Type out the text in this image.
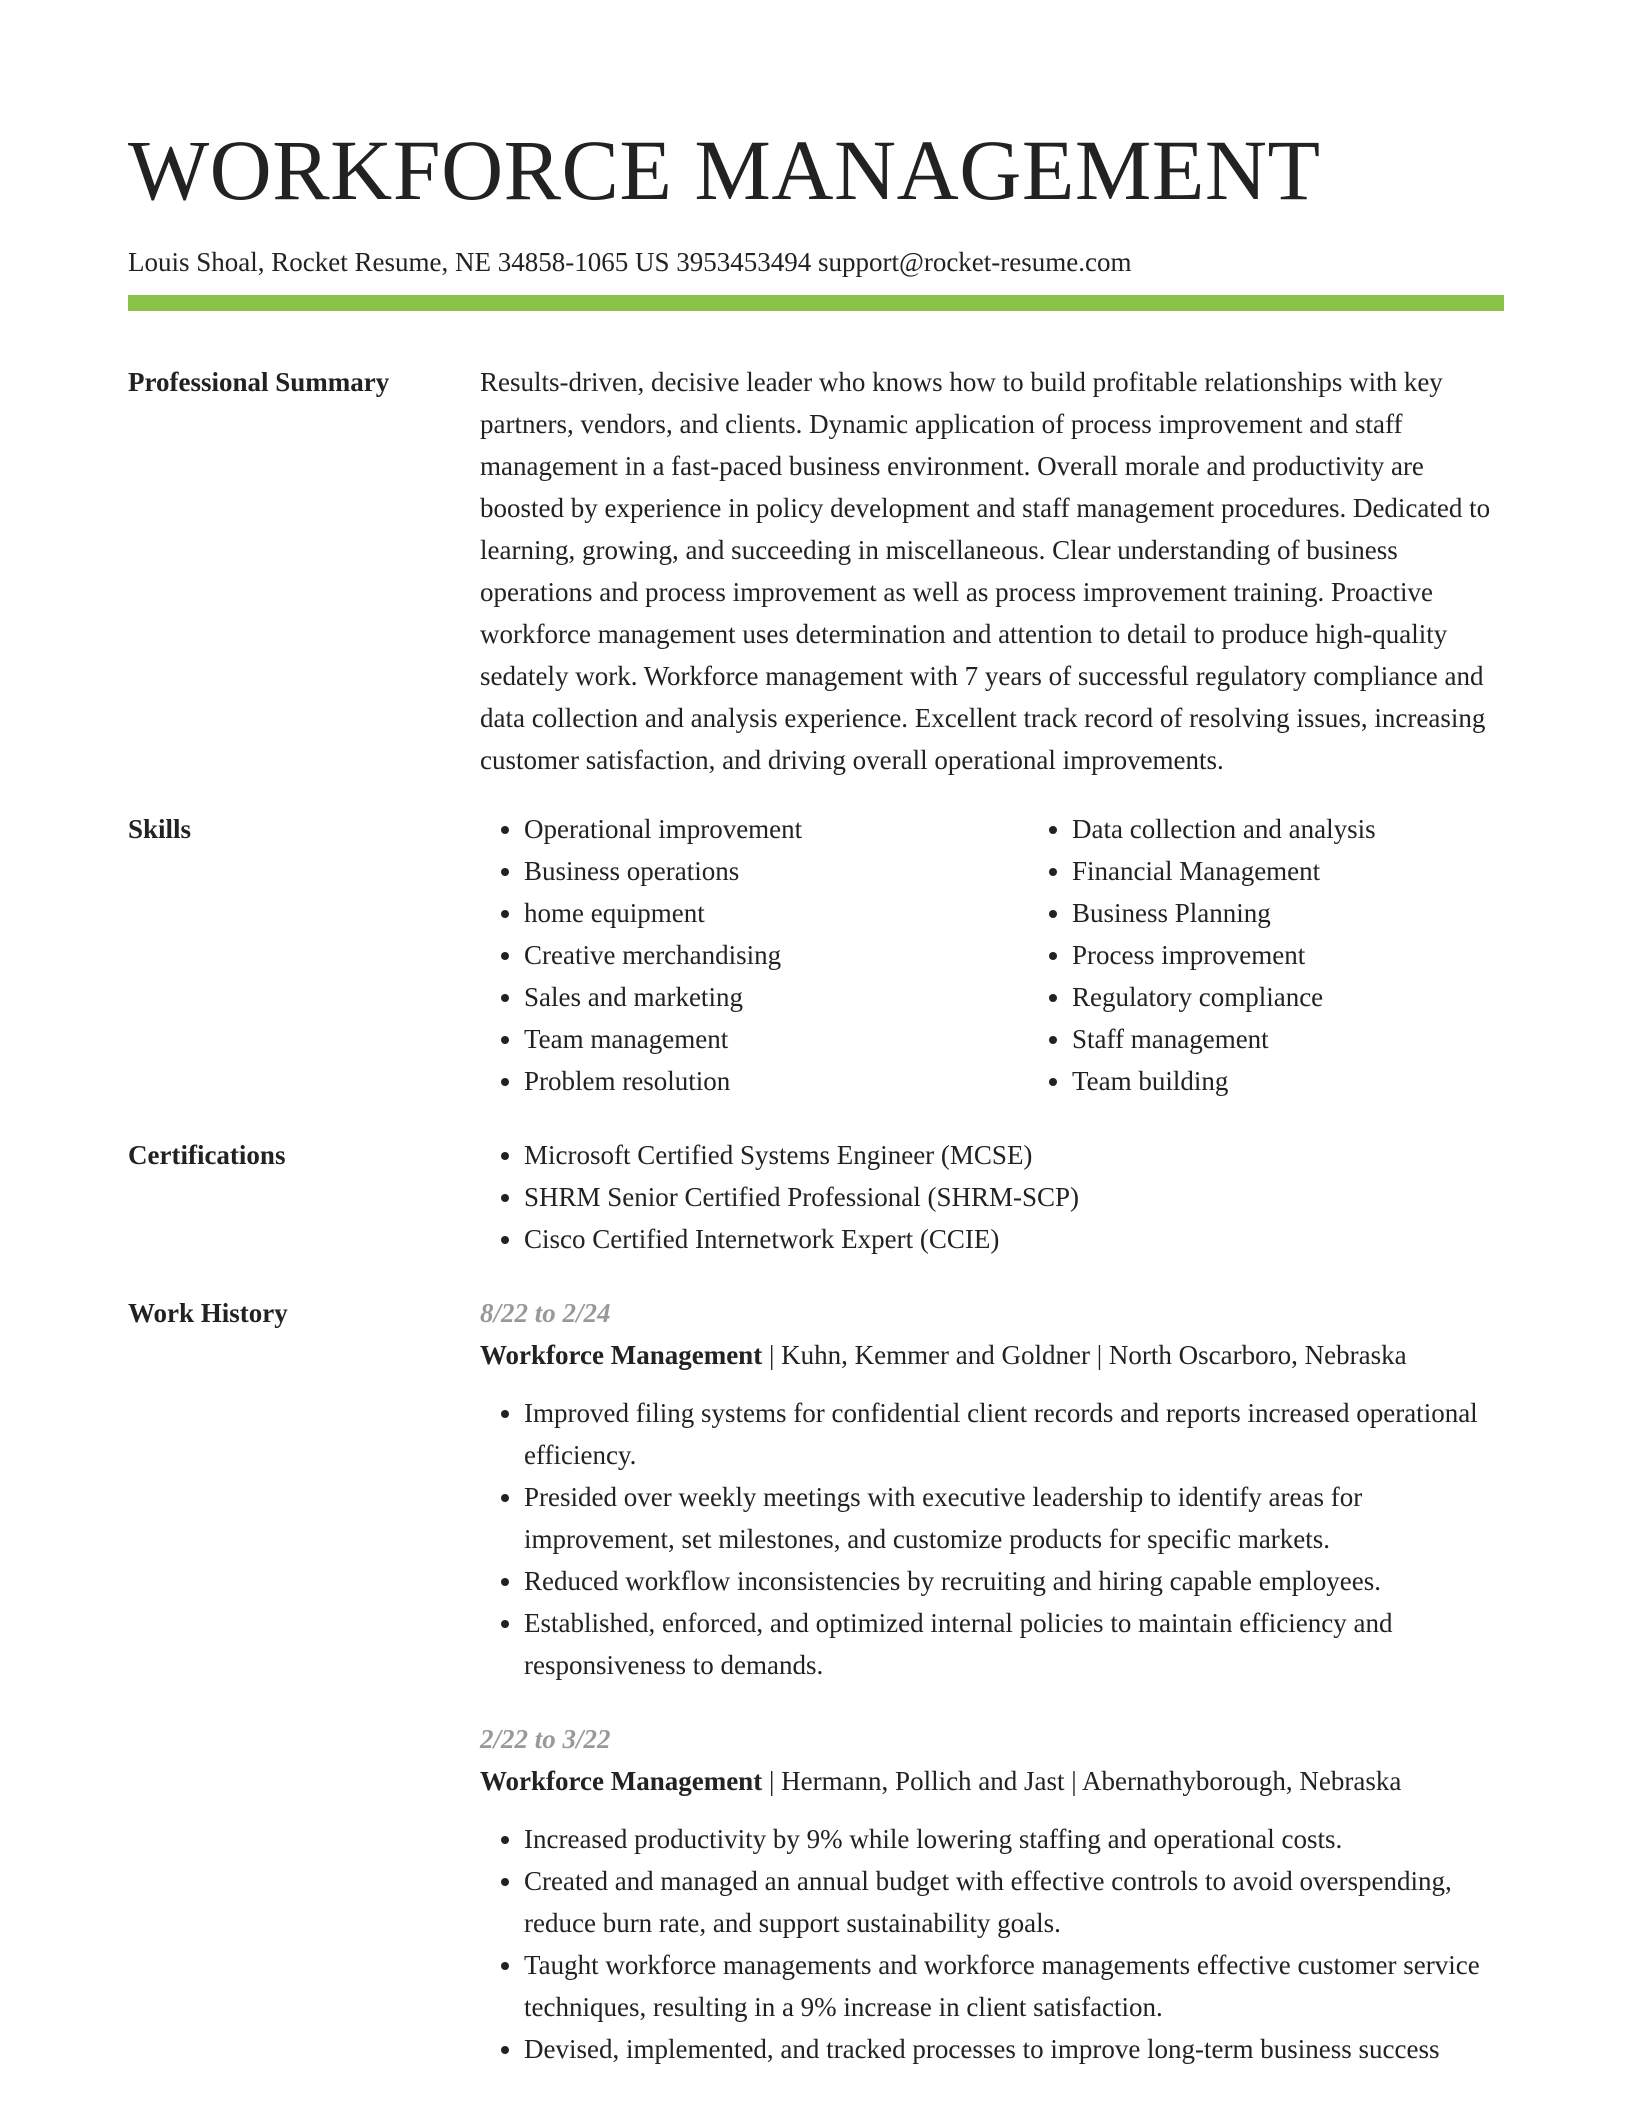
WORKFORCE MANAGEMENT
Louis Shoal, Rocket Resume, NE 34858-1065 US 3953453494 support@rocket-resume.com
Professional Summary	Results-driven, decisive leader who knows how to build profitable relationships with key partners, vendors, and clients. Dynamic application of process improvement and staff management in a fast-paced business environment. Overall morale and productivity are boosted by experience in policy development and staff management procedures. Dedicated to learning, growing, and succeeding in miscellaneous. Clear understanding of business operations and process improvement as well as process improvement training. Proactive workforce management uses determination and attention to detail to produce high-quality sedately work. Workforce management with 7 years of successful regulatory compliance and data collection and analysis experience. Excellent track record of resolving issues, increasing customer satisfaction, and driving overall operational improvements.

Skills	• Operational improvement
• Business operations
• home equipment
• Creative merchandising
• Sales and marketing
• Team management
• Problem resolution
• Data collection and analysis
• Financial Management
• Business Planning
• Process improvement
• Regulatory compliance
• Staff management
• Team building
Certifications	• Microsoft Certified Systems Engineer (MCSE)
• SHRM Senior Certified Professional (SHRM-SCP)
• Cisco Certified Internetwork Expert (CCIE)
Work History	8/22 to 2/24
Workforce Management | Kuhn, Kemmer and Goldner | North Oscarboro, Nebraska
• Improved filing systems for confidential client records and reports increased operational efficiency.
• Presided over weekly meetings with executive leadership to identify areas for improvement, set milestones, and customize products for specific markets.
• Reduced workflow inconsistencies by recruiting and hiring capable employees.
• Established, enforced, and optimized internal policies to maintain efficiency and responsiveness to demands.
2/22 to 3/22
Workforce Management | Hermann, Pollich and Jast | Abernathyborough, Nebraska
• Increased productivity by 9% while lowering staffing and operational costs.
• Created and managed an annual budget with effective controls to avoid overspending, reduce burn rate, and support sustainability goals.
• Taught workforce managements and workforce managements effective customer service techniques, resulting in a 9% increase in client satisfaction.
• Devised, implemented, and tracked processes to improve long-term business success
